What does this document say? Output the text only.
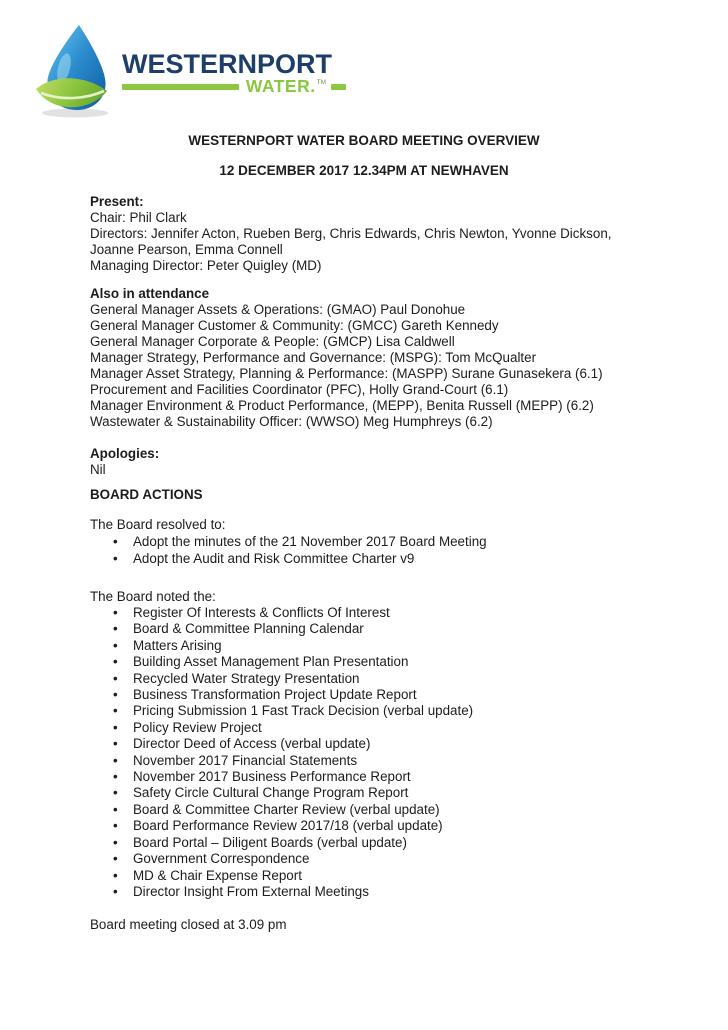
WESTERNPORT
WATER. TM

WESTERNPORT WATER BOARD MEETING OVERVIEW

12 DECEMBER 2017 12.34PM AT NEWHAVEN

Present:

Chair: Phil Clark

Directors: Jennifer Acton, Rueben Berg, Chris Edwards, Chris Newton, Yvonne Dickson,

Joanne Pearson, Emma Connell

Managing Director: Peter Quigley (MD)

Also in attendance

General Manager Assets & Operations: (GMAO) Paul Donohue

General Manager Customer & Community: (GMCC) Gareth Kennedy

General Manager Corporate & People: (GMCP) Lisa Caldwell

Manager Strategy, Performance and Governance: (MSPG): Tom McQualter

Manager Asset Strategy, Planning & Performance: (MASPP) Surane Gunasekera (6.1)

Procurement and Facilities Coordinator (PFC), Holly Grand-Court (6.1)

Manager Environment & Product Performance, (MEPP), Benita Russell (MEPP) (6.2)

Wastewater & Sustainability Officer: (WWSO) Meg Humphreys (6.2)

Apologies:

Nil

BOARD ACTIONS

The Board resolved to:

•	Adopt the minutes of the 21 November 2017 Board Meeting
•	Adopt the Audit and Risk Committee Charter v9

The Board noted the:

•	Register Of Interests & Conflicts Of Interest
•	Board & Committee Planning Calendar
•	Matters Arising
•	Building Asset Management Plan Presentation
•	Recycled Water Strategy Presentation
•	Business Transformation Project Update Report
•	Pricing Submission 1 Fast Track Decision (verbal update)
•	Policy Review Project
•	Director Deed of Access (verbal update)
•	November 2017 Financial Statements
•	November 2017 Business Performance Report
•	Safety Circle Cultural Change Program Report
•	Board & Committee Charter Review (verbal update)
•	Board Performance Review 2017/18 (verbal update)
•	Board Portal – Diligent Boards (verbal update)
•	Government Correspondence
•	MD & Chair Expense Report
•	Director Insight From External Meetings

Board meeting closed at 3.09 pm
